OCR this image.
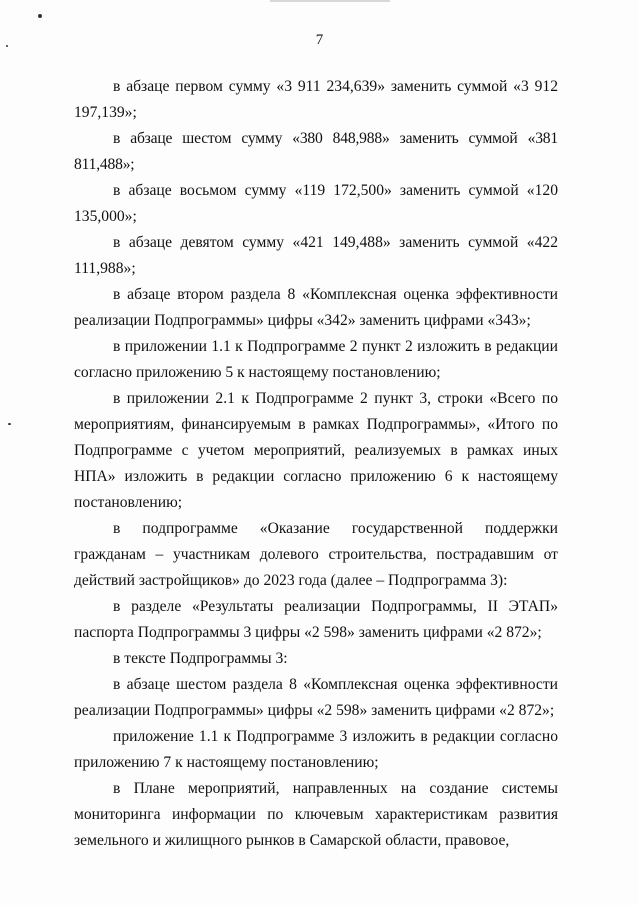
7

в абзаце первом сумму «3 911 234,639» заменить суммой «3 912 197,139»;

в абзаце шестом сумму «380 848,988» заменить суммой «381 811,488»;

в абзаце восьмом сумму «119 172,500» заменить суммой «120 135,000»;

в абзаце девятом сумму «421 149,488» заменить суммой «422 111,988»;

в абзаце втором раздела 8 «Комплексная оценка эффективности реализации Подпрограммы» цифры «342» заменить цифрами «343»;

в приложении 1.1 к Подпрограмме 2 пункт 2 изложить в редакции согласно приложению 5 к настоящему постановлению;

в приложении 2.1 к Подпрограмме 2 пункт 3, строки «Всего по мероприятиям, финансируемым в рамках Подпрограммы», «Итого по Подпрограмме с учетом мероприятий, реализуемых в рамках иных НПА» изложить в редакции согласно приложению 6 к настоящему постановлению;

в подпрограмме «Оказание государственной поддержки гражданам – участникам долевого строительства, пострадавшим от действий застройщиков» до 2023 года (далее – Подпрограмма 3):

в разделе «Результаты реализации Подпрограммы, II ЭТАП» паспорта Подпрограммы 3 цифры «2 598» заменить цифрами «2 872»;

в тексте Подпрограммы 3:

в абзаце шестом раздела 8 «Комплексная оценка эффективности реализации Подпрограммы» цифры «2 598» заменить цифрами «2 872»;

приложение 1.1 к Подпрограмме 3 изложить в редакции согласно приложению 7 к настоящему постановлению;

в Плане мероприятий, направленных на создание системы мониторинга информации по ключевым характеристикам развития земельного и жилищного рынков в Самарской области, правовое,
